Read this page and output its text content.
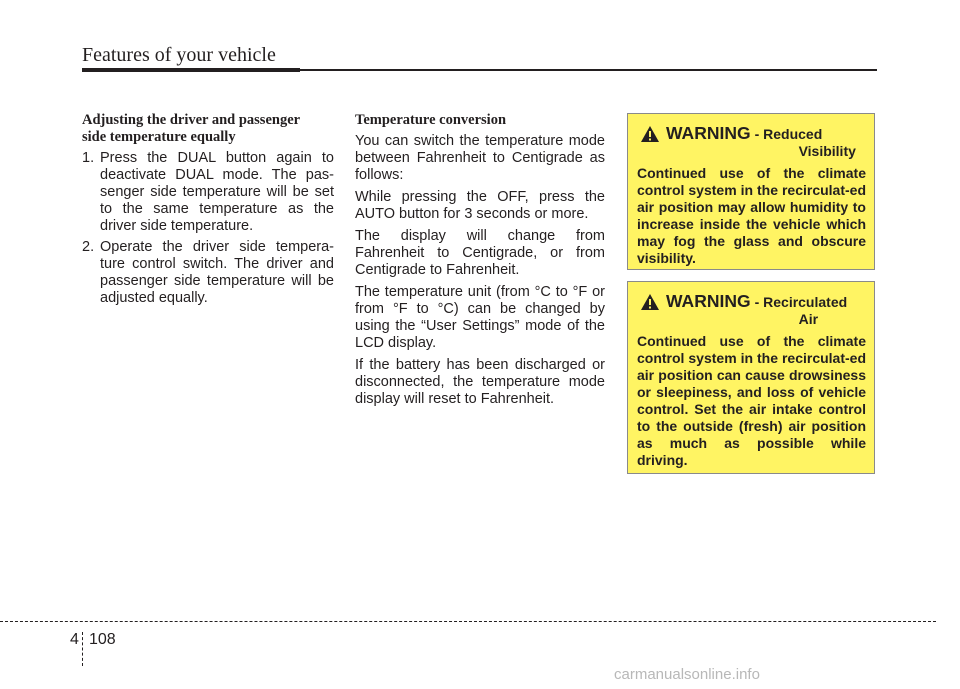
Features of your vehicle
Adjusting the driver and passenger
side temperature equally
1. Press the DUAL button again to deactivate DUAL mode. The pas-senger side temperature will be set to the same temperature as the driver side temperature.
2. Operate the driver side tempera-ture control switch. The driver and passenger side temperature will be adjusted equally.
Temperature conversion

You can switch the temperature mode between Fahrenheit to Centigrade as follows:

While pressing the OFF, press the AUTO button for 3 seconds or more.

The display will change from Fahrenheit to Centigrade, or from Centigrade to Fahrenheit.

The temperature unit (from °C to °F or from °F to °C) can be changed by using the “User Settings” mode of the LCD display.

If the battery has been discharged or disconnected, the temperature mode display will reset to Fahrenheit.

WARNING - Reduced
Visibility

Continued use of the climate control system in the recirculat-ed air position may allow humidity to increase inside the vehicle which may fog the glass and obscure visibility.

WARNING - Recirculated
Air

Continued use of the climate control system in the recirculat-ed air position can cause drowsiness or sleepiness, and loss of vehicle control. Set the air intake control to the outside (fresh) air position as much as possible while driving.

4 108
carmanualsonline.info
